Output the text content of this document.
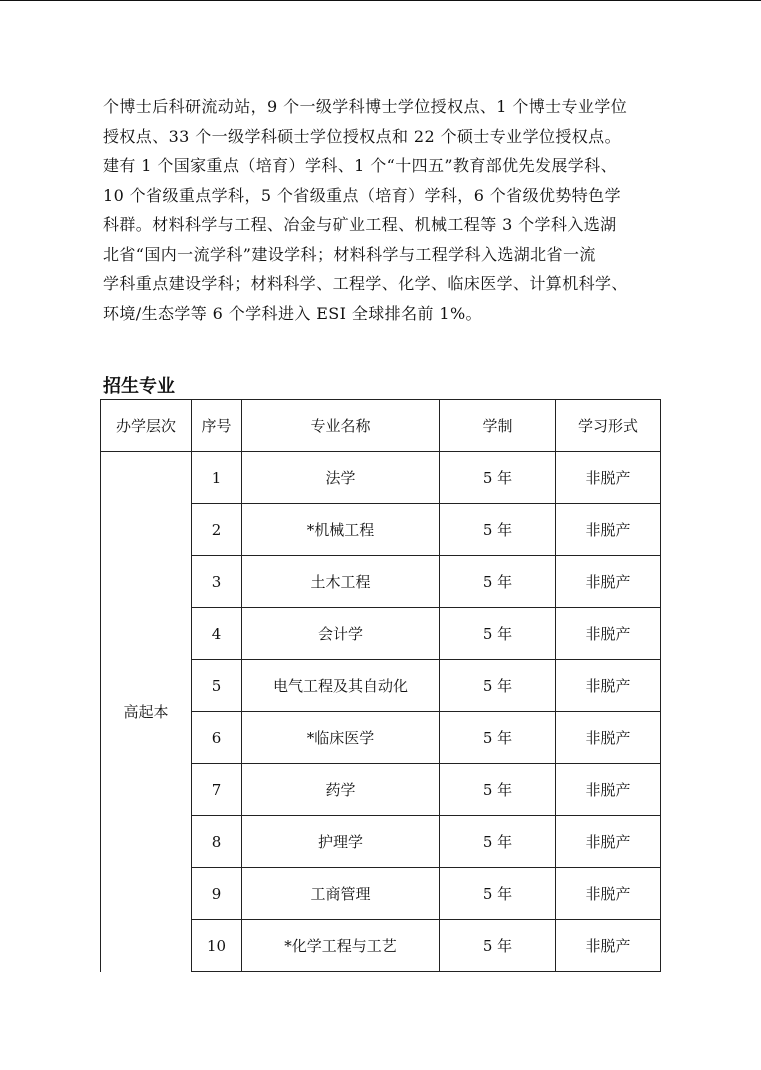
个博士后科研流动站，9 个一级学科博士学位授权点、1 个博士专业学位
授权点、33 个一级学科硕士学位授权点和 22 个硕士专业学位授权点。
建有 1 个国家重点（培育）学科、1 个“十四五”教育部优先发展学科、
10 个省级重点学科，5 个省级重点（培育）学科，6 个省级优势特色学
科群。材料科学与工程、冶金与矿业工程、机械工程等 3 个学科入选湖
北省“国内一流学科”建设学科；材料科学与工程学科入选湖北省一流
学科重点建设学科；材料科学、工程学、化学、临床医学、计算机科学、
环境/生态学等 6 个学科进入 ESI 全球排名前 1%。
招生专业
办学层次	序号	专业名称	学制	学习形式
高起本	1	法学	5 年	非脱产
	2	*机械工程	5 年	非脱产
	3	土木工程	5 年	非脱产
	4	会计学	5 年	非脱产
	5	电气工程及其自动化	5 年	非脱产
	6	*临床医学	5 年	非脱产
	7	药学	5 年	非脱产
	8	护理学	5 年	非脱产
	9	工商管理	5 年	非脱产
	10	*化学工程与工艺	5 年	非脱产
